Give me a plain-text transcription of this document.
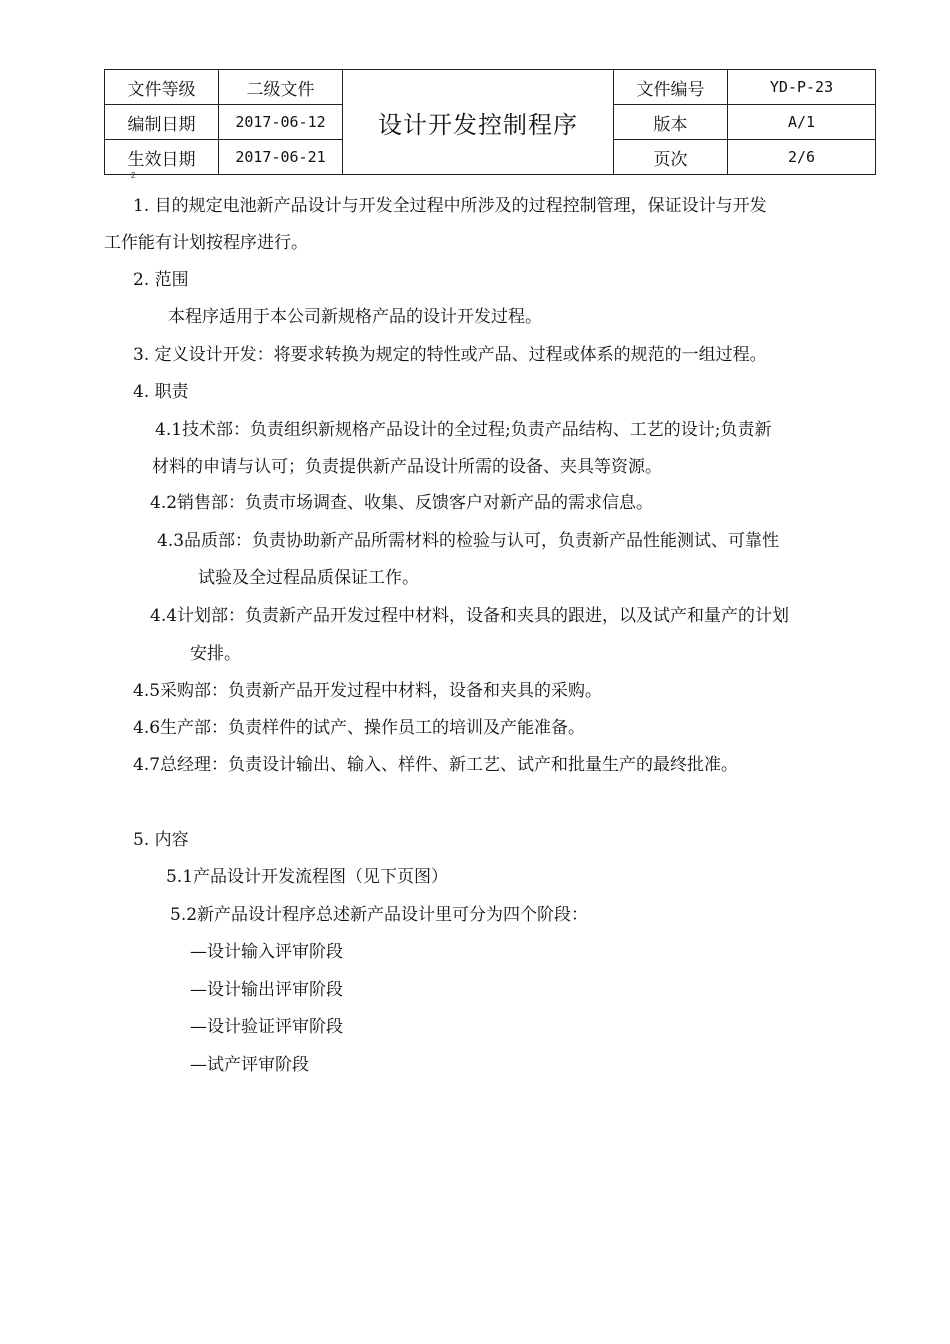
文件等级	二级文件	设计开发控制程序	文件编号	YD-P-23
编制日期	2017-06-12		版本	A/1
生效日期	2017-06-21		页次	2/6
2
1. 目的规定电池新产品设计与开发全过程中所涉及的过程控制管理，保证设计与开发
工作能有计划按程序进行。
2. 范围
本程序适用于本公司新规格产品的设计开发过程。
3. 定义设计开发：将要求转换为规定的特性或产品、过程或体系的规范的一组过程。
4. 职责
4.1技术部：负责组织新规格产品设计的全过程;负责产品结构、工艺的设计;负责新
材料的申请与认可；负责提供新产品设计所需的设备、夹具等资源。
4.2销售部：负责市场调查、收集、反馈客户对新产品的需求信息。
4.3品质部：负责协助新产品所需材料的检验与认可，负责新产品性能测试、可靠性
试验及全过程品质保证工作。
4.4计划部：负责新产品开发过程中材料，设备和夹具的跟进，以及试产和量产的计划
安排。
4.5采购部：负责新产品开发过程中材料，设备和夹具的采购。
4.6生产部：负责样件的试产、操作员工的培训及产能准备。
4.7总经理：负责设计输出、输入、样件、新工艺、试产和批量生产的最终批准。
5. 内容
5.1产品设计开发流程图（见下页图）
5.2新产品设计程序总述新产品设计里可分为四个阶段：
—设计输入评审阶段
—设计输出评审阶段
—设计验证评审阶段
—试产评审阶段
